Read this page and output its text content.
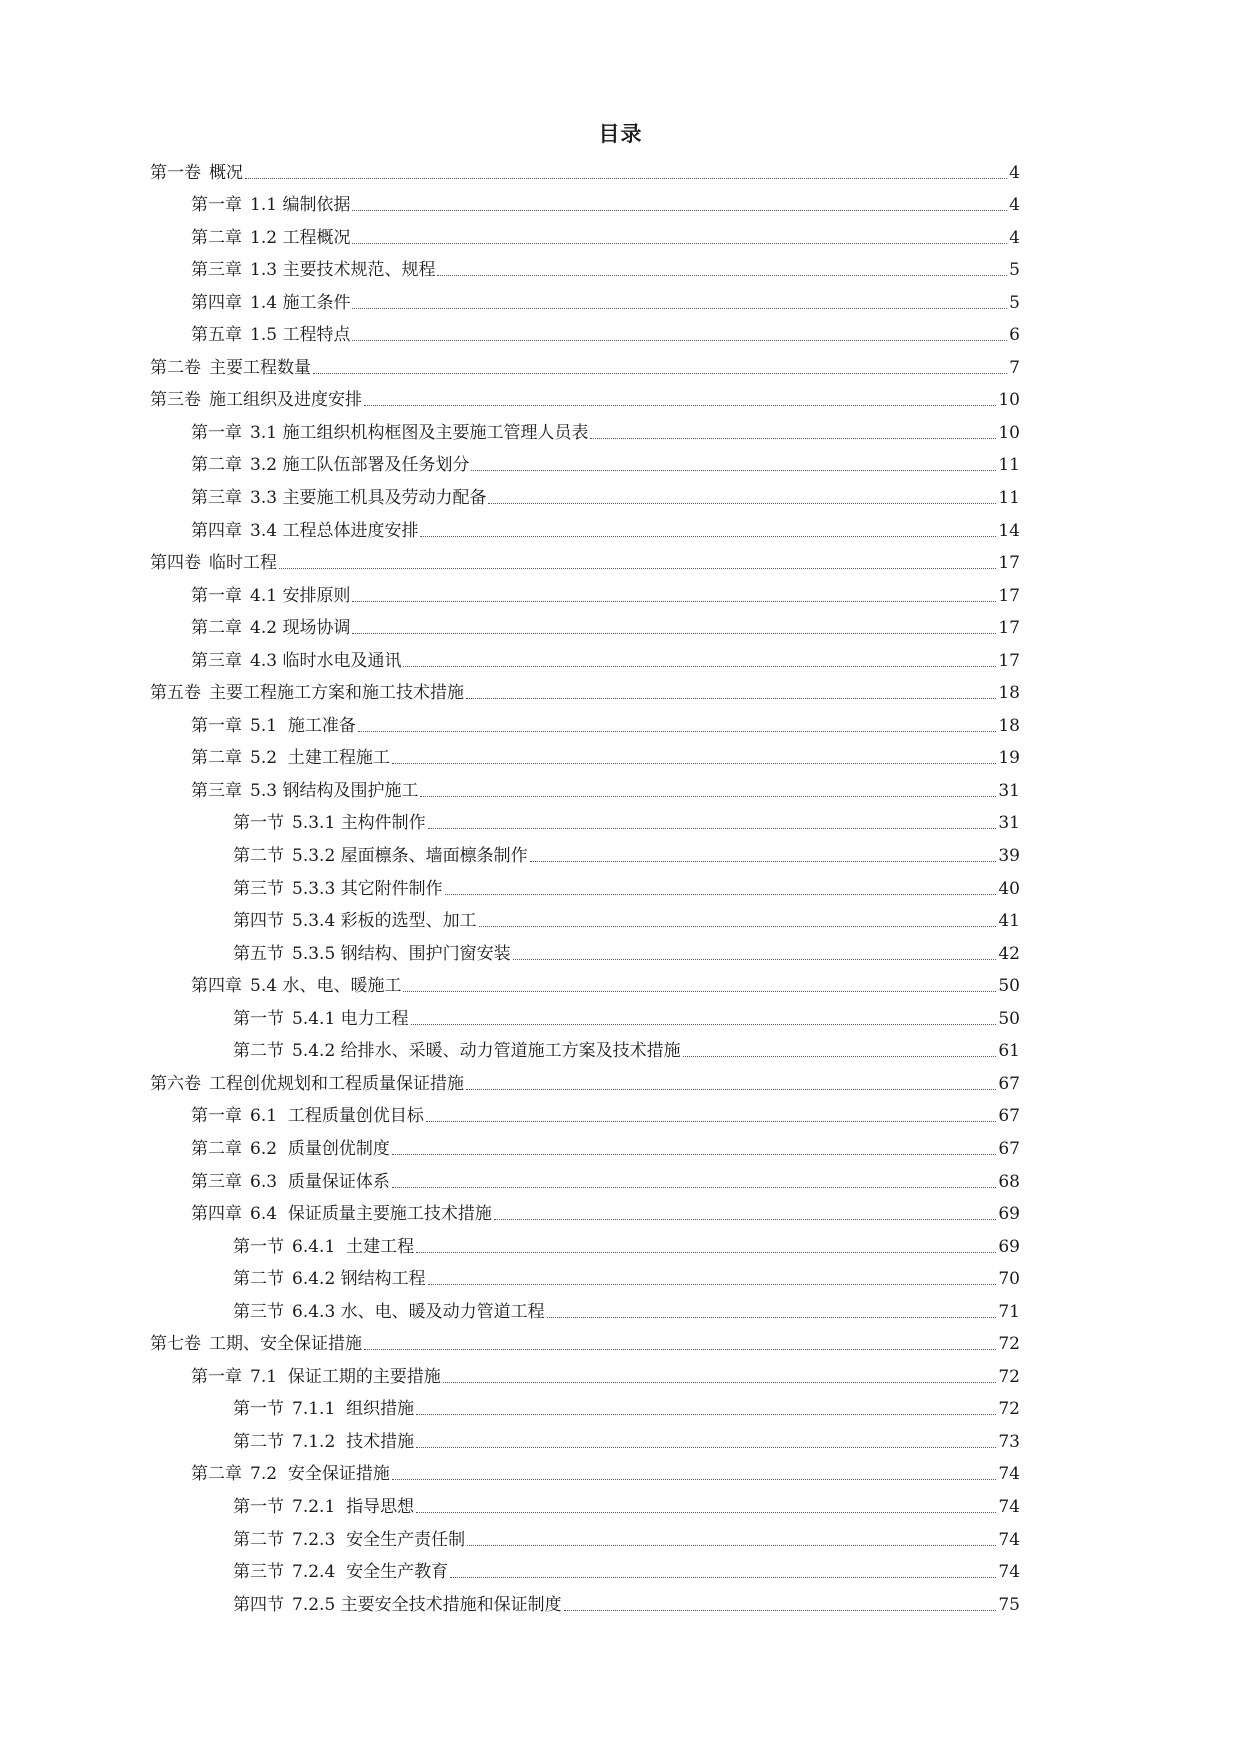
目录
第一卷 概况	4
第一章 1.1 编制依据	4
第二章 1.2 工程概况	4
第三章 1.3 主要技术规范、规程	5
第四章 1.4 施工条件	5
第五章 1.5 工程特点	6
第二卷 主要工程数量	7
第三卷 施工组织及进度安排	10
第一章 3.1 施工组织机构框图及主要施工管理人员表	10
第二章 3.2 施工队伍部署及任务划分	11
第三章 3.3 主要施工机具及劳动力配备	11
第四章 3.4 工程总体进度安排	14
第四卷 临时工程	17
第一章 4.1 安排原则	17
第二章 4.2 现场协调	17
第三章 4.3 临时水电及通讯	17
第五卷 主要工程施工方案和施工技术措施	18
第一章 5.1  施工准备	18
第二章 5.2  土建工程施工	19
第三章 5.3 钢结构及围护施工	31
第一节 5.3.1 主构件制作	31
第二节 5.3.2 屋面檩条、墙面檩条制作	39
第三节 5.3.3 其它附件制作	40
第四节 5.3.4 彩板的选型、加工	41
第五节 5.3.5 钢结构、围护门窗安装	42
第四章 5.4 水、电、暖施工	50
第一节 5.4.1 电力工程	50
第二节 5.4.2 给排水、采暖、动力管道施工方案及技术措施	61
第六卷 工程创优规划和工程质量保证措施	67
第一章 6.1  工程质量创优目标	67
第二章 6.2  质量创优制度	67
第三章 6.3  质量保证体系	68
第四章 6.4  保证质量主要施工技术措施	69
第一节 6.4.1  土建工程	69
第二节 6.4.2 钢结构工程	70
第三节 6.4.3 水、电、暖及动力管道工程	71
第七卷 工期、安全保证措施	72
第一章 7.1  保证工期的主要措施	72
第一节 7.1.1  组织措施	72
第二节 7.1.2  技术措施	73
第二章 7.2  安全保证措施	74
第一节 7.2.1  指导思想	74
第二节 7.2.3  安全生产责任制	74
第三节 7.2.4  安全生产教育	74
第四节 7.2.5 主要安全技术措施和保证制度	75
